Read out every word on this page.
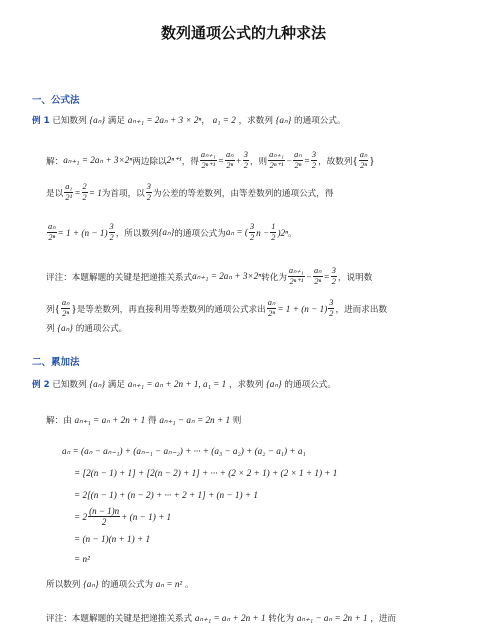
数列通项公式的九种求法
一、公式法
例 1 已知数列 {aₙ} 满足 aₙ₊₁ = 2aₙ + 3 × 2ⁿ， a₁ = 2 ，求数列 {aₙ} 的通项公式。
解： aₙ₊₁ = 2aₙ + 3×2ⁿ 两边除以 2ⁿ⁺¹ ，得 $\frac{\text{aₙ₊₁}}{\text{2ⁿ⁺¹}} = \frac{\text{aₙ}}{\text{2ⁿ}} + \frac{3}{2}$ ，则 $\frac{\text{aₙ₊₁}}{\text{2ⁿ⁺¹}} - \frac{\text{aₙ}}{\text{2ⁿ}} = \frac{3}{2}$ ，故数列 { $\frac{\text{aₙ}}{\text{2ⁿ}}$ }
是以 $\frac{\text{a₁}}{\text{2¹}} = \frac{2}{2} = 1$ 为首项，以 $\frac{3}{2}$ 为公差的等差数列，由等差数列的通项公式，得
$\frac{\text{aₙ}}{\text{2ⁿ}} = 1 + (n - 1) \frac{3}{2}$ ，所以数列 {aₙ} 的通项公式为 aₙ = ( $\frac{3}{2}$ $n - \frac{1}{2} )2^n$ 。
评注：本题解题的关键是把递推关系式 aₙ₊₁ = 2aₙ + 3×2ⁿ 转化为 $\frac{\text{aₙ₊₁}}{\text{2ⁿ⁺¹}} - \frac{\text{aₙ}}{\text{2ⁿ}} = \frac{3}{2}$ ，说明数
列 { $\frac{\text{aₙ}}{\text{2ⁿ}}$ } 是等差数列，再直接利用等差数列的通项公式求出 $\frac{\text{aₙ}}{\text{2ⁿ}} = 1 + (n - 1) \frac{3}{2}$ ，进而求出数
列 {aₙ} 的通项公式。
二、累加法
例 2 已知数列 {aₙ} 满足 aₙ₊₁ = aₙ + 2n + 1, a₁ = 1 ，求数列 {aₙ} 的通项公式。
解：由 aₙ₊₁ = aₙ + 2n + 1 得 aₙ₊₁ − aₙ = 2n + 1 则
aₙ = (aₙ − aₙ₋₁) + (aₙ₋₁ − aₙ₋₂) + ··· + (a₃ − a₂) + (a₂ − a₁) + a₁
= [2(n − 1) + 1] + [2(n − 2) + 1] + ··· + (2 × 2 + 1) + (2 × 1 + 1) + 1
= 2[(n − 1) + (n − 2) + ··· + 2 + 1] + (n − 1) + 1
= $2 \frac{(n - 1)n}{2} + (n - 1) + 1$
= (n − 1)(n + 1) + 1
= n²
所以数列 {aₙ} 的通项公式为 aₙ = n² 。
评注：本题解题的关键是把递推关系式 aₙ₊₁ = aₙ + 2n + 1 转化为 aₙ₊₁ − aₙ = 2n + 1 ，进而
